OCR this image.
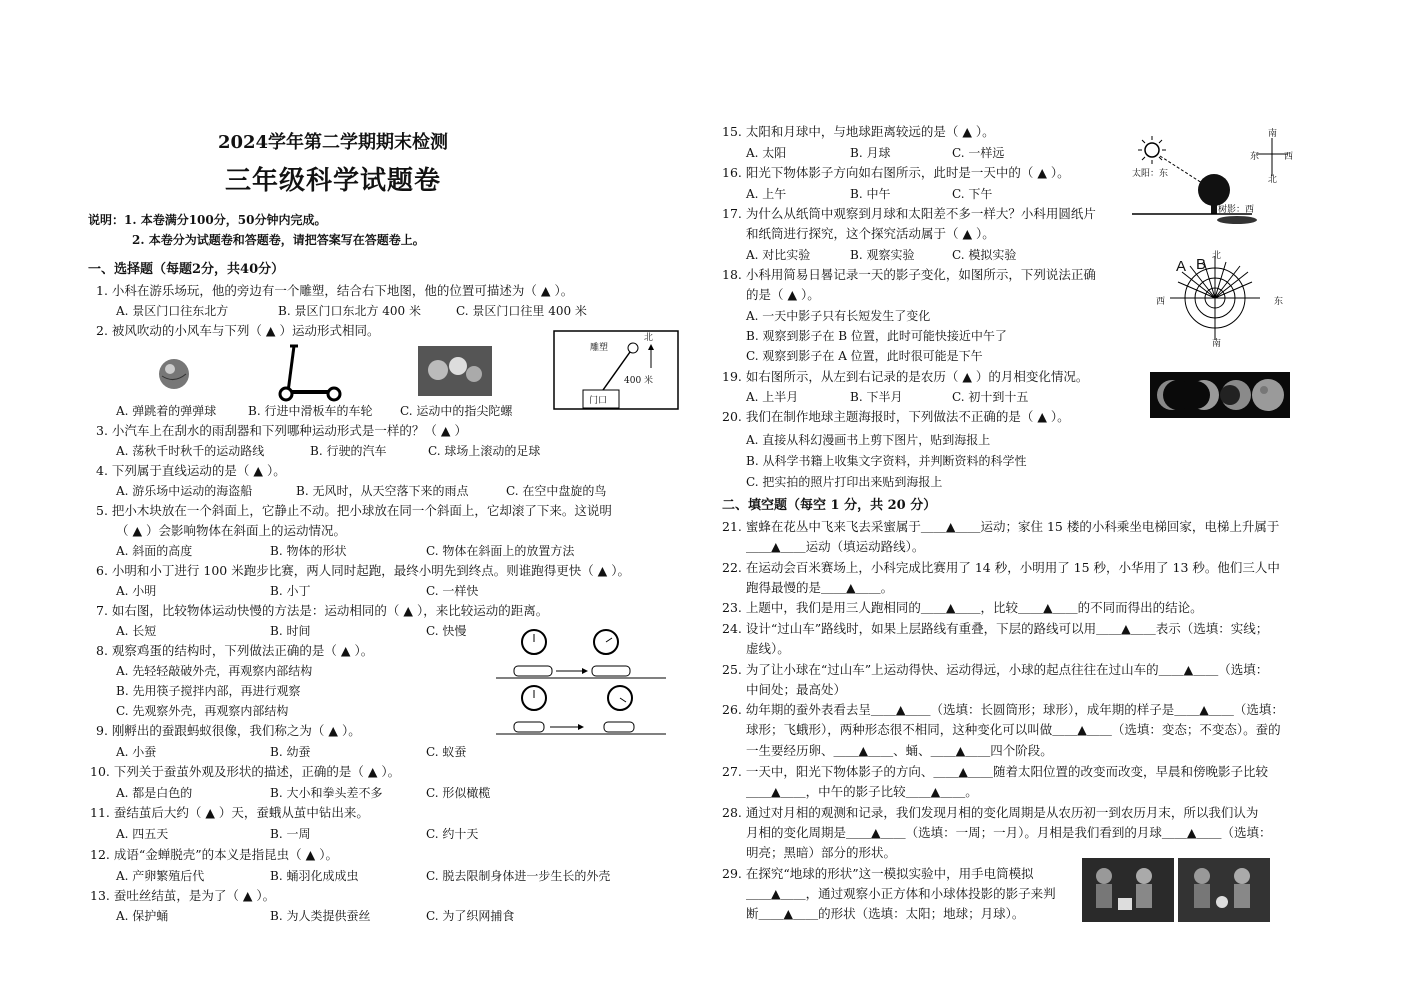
2024学年第二学期期末检测
三年级科学试题卷
说明：1. 本卷满分100分，50分钟内完成。
2. 本卷分为试题卷和答题卷，请把答案写在答题卷上。
一、选择题（每题2分，共40分）
1. 小科在游乐场玩，他的旁边有一个雕塑，结合右下地图，他的位置可描述为（ ▲ ）。
A. 景区门口往东北方	B. 景区门口东北方 400 米	C. 景区门口往里 400 米
2. 被风吹动的小风车与下列（ ▲ ）运动形式相同。
雕塑
北
400 米
门口
A. 弹跳着的弹弹球	B. 行进中滑板车的车轮 C. 运动中的指尖陀螺
3. 小汽车上在刮水的雨刮器和下列哪种运动形式是一样的？（ ▲ ）
A. 荡秋千时秋千的运动路线	B. 行驶的汽车	C. 球场上滚动的足球
4. 下列属于直线运动的是（ ▲ ）。
A. 游乐场中运动的海盗船	B. 无风时，从天空落下来的雨点	C. 在空中盘旋的鸟
5. 把小木块放在一个斜面上，它静止不动。把小球放在同一个斜面上，它却滚了下来。这说明
（ ▲ ）会影响物体在斜面上的运动情况。
A. 斜面的高度	B. 物体的形状	C. 物体在斜面上的放置方法
6. 小明和小丁进行 100 米跑步比赛，两人同时起跑，最终小明先到终点。则谁跑得更快（ ▲ ）。
A. 小明	B. 小丁	C. 一样快
7. 如右图，比较物体运动快慢的方法是：运动相同的（ ▲ ），来比较运动的距离。
A. 长短	B. 时间	C. 快慢
8. 观察鸡蛋的结构时，下列做法正确的是（ ▲ ）。
A. 先轻轻敲破外壳，再观察内部结构
B. 先用筷子搅拌内部，再进行观察
C. 先观察外壳，再观察内部结构
9. 刚孵出的蚕跟蚂蚁很像，我们称之为（ ▲ ）。
A. 小蚕	B. 幼蚕	C. 蚁蚕
10. 下列关于蚕茧外观及形状的描述，正确的是（ ▲ ）。
A. 都是白色的	B. 大小和拳头差不多	C. 形似橄榄
11. 蚕结茧后大约（ ▲ ）天，蚕蛾从茧中钻出来。
A. 四五天	B. 一周	C. 约十天
12. 成语“金蝉脱壳”的本义是指昆虫（ ▲ ）。
A. 产卵繁殖后代	B. 蛹羽化成成虫	C. 脱去限制身体进一步生长的外壳
13. 蚕吐丝结茧，是为了（ ▲ ）。
A. 保护蛹	B. 为人类提供蚕丝	C. 为了织网捕食
15. 太阳和月球中，与地球距离较远的是（ ▲ ）。
A. 太阳	B. 月球	C. 一样远
南
北
东	西
太阳：东
树影：西
16. 阳光下物体影子方向如右图所示，此时是一天中的（ ▲ ）。
A. 上午	B. 中午	C. 下午
17. 为什么从纸筒中观察到月球和太阳差不多一样大？小科用圆纸片
和纸筒进行探究，这个探究活动属于（ ▲ ）。
A. 对比实验	B. 观察实验	C. 模拟实验
A B 北
南
东
西
18. 小科用简易日晷记录一天的影子变化，如图所示，下列说法正确
的是（ ▲ ）。
A. 一天中影子只有长短发生了变化
B. 观察到影子在 B 位置，此时可能快接近中午了
C. 观察到影子在 A 位置，此时很可能是下午
19. 如右图所示，从左到右记录的是农历（ ▲ ）的月相变化情况。
A. 上半月	B. 下半月	C. 初十到十五
20. 我们在制作地球主题海报时，下列做法不正确的是（ ▲ ）。
A. 直接从科幻漫画书上剪下图片，贴到海报上
B. 从科学书籍上收集文字资料，并判断资料的科学性
C. 把实拍的照片打印出来贴到海报上
二、填空题（每空 1 分，共 20 分）
21. 蜜蜂在花丛中飞来飞去采蜜属于＿＿▲＿＿运动；家住 15 楼的小科乘坐电梯回家，电梯上升属于
＿＿▲＿＿运动（填运动路线）。
22. 在运动会百米赛场上，小科完成比赛用了 14 秒，小明用了 15 秒，小华用了 13 秒。他们三人中
跑得最慢的是＿＿▲＿＿。
23. 上题中，我们是用三人跑相同的＿＿▲＿＿，比较＿＿▲＿＿的不同而得出的结论。
24. 设计“过山车”路线时，如果上层路线有重叠，下层的路线可以用＿＿▲＿＿表示（选填：实线；
虚线）。
25. 为了让小球在“过山车”上运动得快、运动得远，小球的起点往往在过山车的＿＿▲＿＿（选填：
中间处；最高处）
26. 幼年期的蚕外表看去呈＿＿▲＿＿（选填：长圆筒形；球形），成年期的样子是＿＿▲＿＿（选填：
球形；飞蛾形），两种形态很不相同，这种变化可以叫做＿＿▲＿＿（选填：变态；不变态）。蚕的
一生要经历卵、＿＿▲＿＿、蛹、＿＿▲＿＿四个阶段。
27. 一天中，阳光下物体影子的方向、＿＿▲＿＿随着太阳位置的改变而改变，早晨和傍晚影子比较
＿＿▲＿＿，中午的影子比较＿＿▲＿＿。
28. 通过对月相的观测和记录，我们发现月相的变化周期是从农历初一到农历月末，所以我们认为
月相的变化周期是＿＿▲＿＿（选填：一周；一月）。月相是我们看到的月球＿＿▲＿＿（选填：
明亮；黑暗）部分的形状。
29. 在探究“地球的形状”这一模拟实验中，用手电筒模拟
＿＿▲＿＿，通过观察小正方体和小球体投影的影子来判
断＿＿▲＿＿的形状（选填：太阳；地球；月球）。
